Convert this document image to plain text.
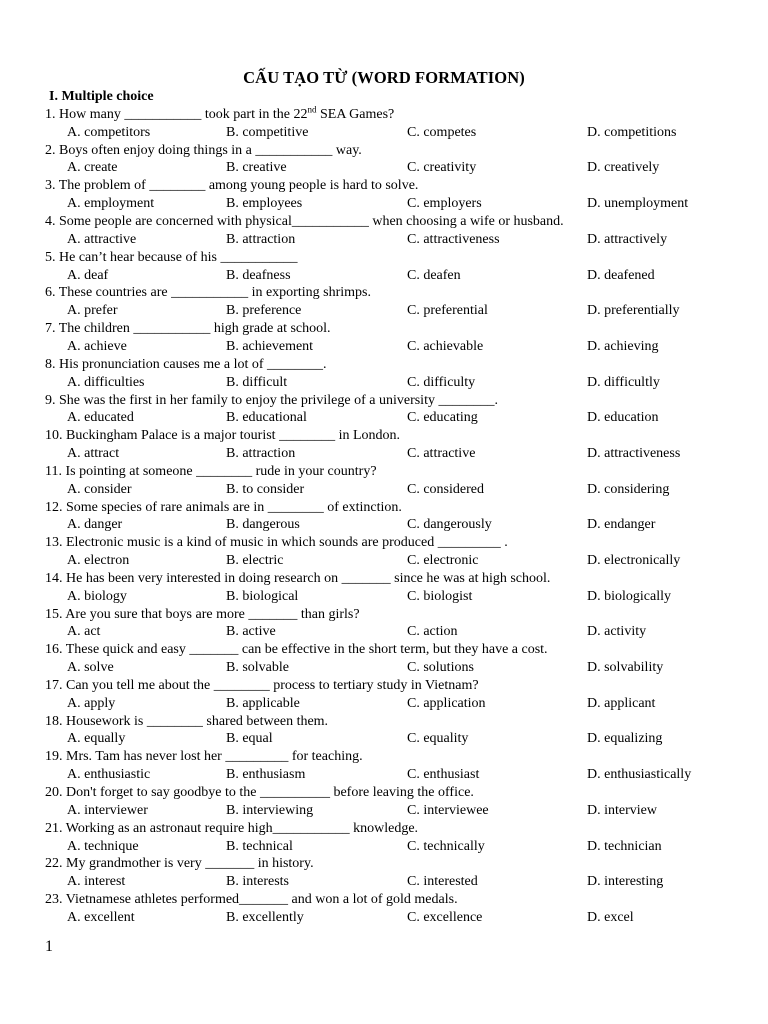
CẤU TẠO TỪ (WORD FORMATION)
I. Multiple choice
1. How many ___________ took part in the 22nd SEA Games?
A. competitors	B. competitive	C. competes	D. competitions
2. Boys often enjoy doing things in a ___________ way.
A. create	B. creative	C. creativity	D. creatively
3. The problem of ________ among young people is hard to solve.
A. employment	B. employees	C. employers	D. unemployment
4. Some people are concerned with physical___________ when choosing a wife or husband.
A. attractive	B. attraction	C. attractiveness	D. attractively
5. He can’t hear because of his ___________
A. deaf	B. deafness	C. deafen	D. deafened
6. These countries are ___________ in exporting shrimps.
A. prefer	B. preference	C. preferential	D. preferentially
7. The children ___________ high grade at school.
A. achieve	B. achievement	C. achievable	D. achieving
8. His pronunciation causes me a lot of ________.
A. difficulties	B. difficult	C. difficulty	D. difficultly
9. She was the first in her family to enjoy the privilege of a university ________.
A. educated	B. educational	C. educating	D. education
10. Buckingham Palace is a major tourist ________ in London.
A. attract	B. attraction	C. attractive	D. attractiveness
11. Is pointing at someone ________ rude in your country?
A. consider	B. to consider	C. considered	D. considering
12. Some species of rare animals are in ________ of extinction.
A. danger	B. dangerous	C. dangerously	D. endanger
13. Electronic music is a kind of music in which sounds are produced _________ .
A. electron	B. electric	C. electronic	D. electronically
14. He has been very interested in doing research on _______ since he was at high school.
A. biology	B. biological	C. biologist	D. biologically
15. Are you sure that boys are more _______ than girls?
A. act	B. active	C. action	D. activity
16. These quick and easy _______ can be effective in the short term, but they have a cost.
A. solve	B. solvable	C. solutions	D. solvability
17. Can you tell me about the ________ process to tertiary study in Vietnam?
A. apply	B. applicable	C. application	D. applicant
18. Housework is ________ shared between them.
A. equally	B. equal	C. equality	D. equalizing
19. Mrs. Tam has never lost her _________ for teaching.
A. enthusiastic	B. enthusiasm	C. enthusiast	D. enthusiastically
20. Don't forget to say goodbye to the __________ before leaving the office.
A. interviewer	B. interviewing	C. interviewee	D. interview
21. Working as an astronaut require high___________ knowledge.
A. technique	B. technical	C. technically	D. technician
22. My grandmother is very _______ in history.
A. interest	B. interests	C. interested	D. interesting
23. Vietnamese athletes performed_______ and won a lot of gold medals.
A. excellent	B. excellently	C. excellence	D. excel
1
